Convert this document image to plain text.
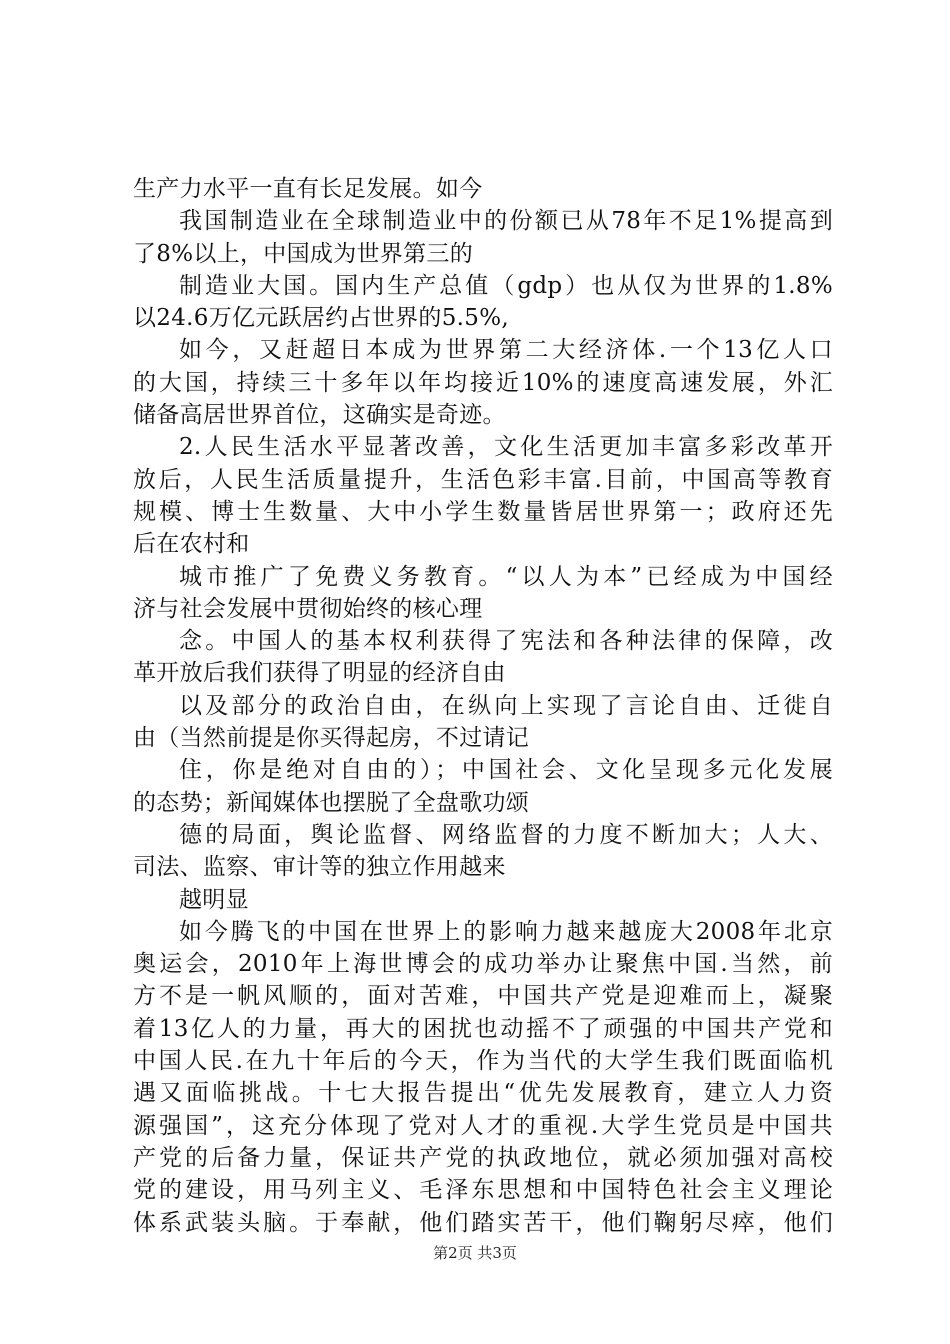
生产力水平一直有长足发展。如今
我国制造业在全球制造业中的份额已从78年不足1%提高到
了8%以上，中国成为世界第三的
制造业大国。国内生产总值（gdp）也从仅为世界的1.8%
以24.6万亿元跃居约占世界的5.5%,
如今，又赶超日本成为世界第二大经济体.一个13亿人口
的大国，持续三十多年以年均接近10%的速度高速发展，外汇
储备高居世界首位，这确实是奇迹。
2.人民生活水平显著改善，文化生活更加丰富多彩改革开
放后，人民生活质量提升，生活色彩丰富.目前，中国高等教育
规模、博士生数量、大中小学生数量皆居世界第一；政府还先
后在农村和
城市推广了免费义务教育。“以人为本”已经成为中国经
济与社会发展中贯彻始终的核心理
念。中国人的基本权利获得了宪法和各种法律的保障，改
革开放后我们获得了明显的经济自由
以及部分的政治自由，在纵向上实现了言论自由、迁徙自
由（当然前提是你买得起房，不过请记
住，你是绝对自由的）；中国社会、文化呈现多元化发展
的态势；新闻媒体也摆脱了全盘歌功颂
德的局面，舆论监督、网络监督的力度不断加大；人大、
司法、监察、审计等的独立作用越来
越明显
如今腾飞的中国在世界上的影响力越来越庞大2008年北京
奥运会，2010年上海世博会的成功举办让聚焦中国.当然，前
方不是一帆风顺的，面对苦难，中国共产党是迎难而上，凝聚
着13亿人的力量，再大的困扰也动摇不了顽强的中国共产党和
中国人民.在九十年后的今天，作为当代的大学生我们既面临机
遇又面临挑战。十七大报告提出“优先发展教育，建立人力资
源强国”，这充分体现了党对人才的重视.大学生党员是中国共
产党的后备力量，保证共产党的执政地位，就必须加强对高校
党的建设，用马列主义、毛泽东思想和中国特色社会主义理论
体系武装头脑。于奉献，他们踏实苦干，他们鞠躬尽瘁，他们
第2页 共3页
